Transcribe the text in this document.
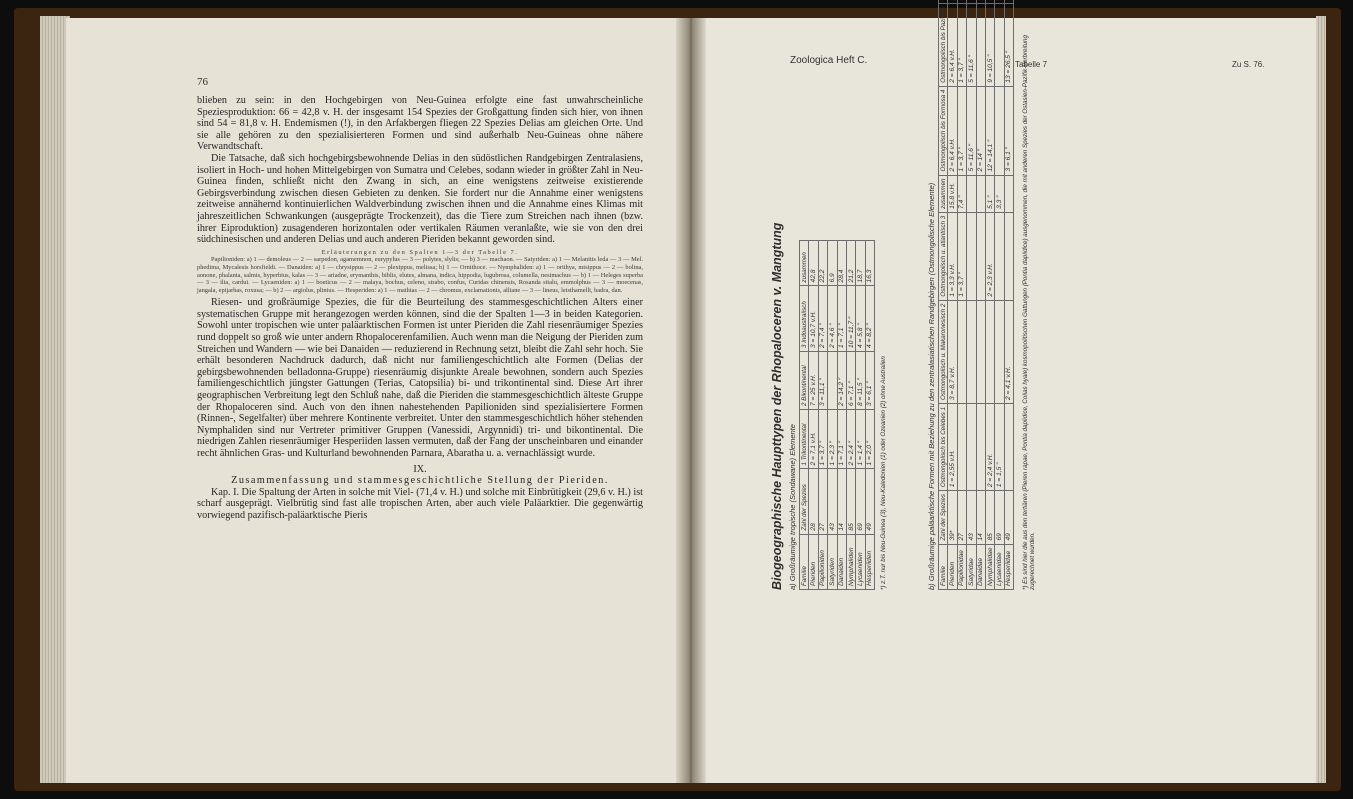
76

blieben zu sein: in den Hochgebirgen von Neu-Guinea erfolgte eine fast unwahrscheinliche Speziesproduktion: 66 = 42,8 v. H. der insgesamt 154 Spezies der Großgattung finden sich hier, von ihnen sind 54 = 81,8 v. H. Endemismen (!), in den Arfakbergen fliegen 22 Spezies Delias am gleichen Orte. Und sie alle gehören zu den spezialisierteren Formen und sind außerhalb Neu-Guineas ohne nähere Verwandtschaft.

Die Tatsache, daß sich hochgebirgsbewohnende Delias in den südöstlichen Randgebirgen Zentralasiens, isoliert in Hoch- und hohen Mittelgebirgen von Sumatra und Celebes, sodann wieder in größter Zahl in Neu-Guinea finden, schließt nicht den Zwang in sich, an eine wenigstens zeitweise existierende Gebirgsverbindung zwischen diesen Gebieten zu denken. Sie fordert nur die Annahme einer wenigstens zeitweise annähernd kontinuierlichen Waldverbindung zwischen ihnen und die Annahme eines Klimas mit jahreszeitlichen Schwankungen (ausgeprägte Trockenzeit), das die Tiere zum Streichen nach ihnen (bzw. ihrer Eiproduktion) zusagenderen horizontalen oder vertikalen Räumen veranlaßte, wie sie von den drei südchinesischen und anderen Delias und auch anderen Pieriden bekannt geworden sind.

Erläuterungen zu den Spalten 1—3 der Tabelle 7.

Papilioniden: a) 1 — demoleus — 2 — sarpedon, agamemnon, eurypylus — 3 — polytes, slylis; — b) 3 — machaon. — Satyriden: a) 1 — Melanitis leda — 3 — Mel. phedima, Mycalesis horsfieldi. — Danaiden: a) 1 — chrysippus — 2 — plexippus, melissa; b) 1 — Ornithoce. — Nymphaliden: a) 1 — orithya, misippus — 2 — bolina, aonone, phalanta, salmis, hyperbius, kalas — 3 — ariadne, erymanthis, biblis, elutes, almana, indica, hippodia, lugubrosa, columella, nesimachus — b) 1 — Heleges superba — 3 — ilia, cardui. — Lycaeniden: a) 1 — boeticus — 2 — malaya, bochus, celeno, strabo, confus, Curidas chinensis, Rosanda sitalu, emmolphus — 3 — moecenas, jangala, epijarbas, roxusa; — b) 2 — argiolus, plinius. — Hesperiden: a) 1 — mathias — 2 — chromus, exclamationis, alliane — 3 — lineus, leisthamelli, badra, dan.

Riesen- und großräumige Spezies, die für die Beurteilung des stammesgeschichtlichen Alters einer systematischen Gruppe mit herangezogen werden können, sind die der Spalten 1—3 in beiden Kategorien. Sowohl unter tropischen wie unter paläarktischen Formen ist unter Pieriden die Zahl riesenräumiger Spezies rund doppelt so groß wie unter andern Rhopalocerenfamilien. Auch wenn man die Neigung der Pieriden zum Streichen und Wandern — wie bei Danaiden — reduzierend in Rechnung setzt, bleibt die Zahl sehr hoch. Sie erhält besonderen Nachdruck dadurch, daß nicht nur familiengeschichtlich alte Formen (Delias der gebirgsbewohnenden belladonna-Gruppe) riesenräumig disjunkte Areale bewohnen, sondern auch Spezies familiengeschichtlich jüngster Gattungen (Terias, Catopsilia) bi- und trikontinental sind. Diese Art ihrer geographischen Verbreitung legt den Schluß nahe, daß die Pieriden die stammesgeschichtlich älteste Gruppe der Rhopaloceren sind. Auch von den ihnen nahestehenden Papilioniden sind spezialisiertere Formen (Rinnen-, Segelfalter) über mehrere Kontinente verbreitet. Unter den stammesgeschichtlich höher stehenden Nymphaliden sind nur Vertreter primitiver Gruppen (Vanessidi, Argynnidi) tri- und bikontinental. Die niedrigen Zahlen riesenräumiger Hesperiiden lassen vermuten, daß der Fang der unscheinbaren und einander recht ähnlichen Gras- und Kulturland bewohnenden Parnara, Abaratha u. a. vernachlässigt wurde.

IX.

Zusammenfassung und stammesgeschichtliche Stellung der Pieriden.

Kap. I. Die Spaltung der Arten in solche mit Viel- (71,4 v. H.) und solche mit Einbrütigkeit (29,6 v. H.) ist scharf ausgeprägt. Vielbrütig sind fast alle tropischen Arten, aber auch viele Paläarktier. Die gegenwärtig vorwiegend pazifisch-paläarktische Pieris

Zoologica Heft C.	Tabelle 7	Zu S. 76.
Biogeographische Haupttypen der Rhopaloceren v. Mangtung a) Großräumige tropische (Sondawane) Elemente Familie	Zahl der Spezies	1 Trikontinental	2 Bikontinental	3 Indoaustralisch	zusammen
Pieriden	28	2 = 7,1 v.H.	7 = 25 v.H.	3 = 10,7 v.H.	42,8
Papilioniden	27	1 = 3,7 ″	3 = 11,1 ″	2 = 7,4 ″	22,2
Satyriden	43	1 = 2,3 ″		2 = 4,6 ″	6,9
Danaiden	14	1 = 7,1 ″	2 = 14,2 ″	1 = 7,1 ″	28,4
Nymphaliden	85	2 = 2,4 ″	6 = 7,1 ″	10 = 11,7 ″	21,2
Lycaeniden	69	1 = 1,4 ″	8 = 11,5 ″	4 = 5,8 ″	18,7
Hesperiiden	49	1 = 2,0 ″	3 = 6,1 ″	4 = 8,2 ″	16,3
*) z.T. nur bis Neu-Guinea (3), Neu-Kaledonien (1) oder Ozeanien (2) ohne Australien	b) Großräumige paläarktische Formen mit Beziehung zu den zentralasiatischen Randgebirgen (Ostmongolische Elemente) Familie	Zahl der Spezies	Ostmongolisch bis Celebes 1	Ostmongolisch u. Makaronesisch 2	Ostmongolisch u. atlantisch 3	zusammen	Ostmongolisch bis Formosa 4	Ostmongolisch bis Pazifik 5		
Pieriden	39*	1 = 2,55 v.H.	3 = 8,7 v.H.	1 = 3,3 v.H.	15,8 v.H.	2 = 6,4 v.H.	2 = 6,4 v.H.		
Papilionidae	27			1 = 3,7 ″	7,4 ″	1 = 3,7 ″	1 = 3,7 ″		
Satyridae	43					5 = 11,6 ″	5 = 11,6 ″		
Danaidae	14					2 = 14 ″			
Nymphalidae	85	2 = 2,4 v.H.		2 = 2,3 v.H.	5,1 ″	12 = 14,1 ″	9 = 10,5 ″		
Lycaenidae	69	1 = 1,5 ″			3,3 ″				
Hesperiidae	49		2 = 4,1 v.H.			3 = 6,1 ″	13 = 26,5 ″		*) Es sind hier die aus den tertiären (Pieren rapae, Pontia daplidice, Colias hyale) kosmopolitischen Gattungen (Pontia daplidice) ausgenommen, die mit anderen Spezies der Ostasien-Pazifik-Verbreitung zugerechnet wurden.
